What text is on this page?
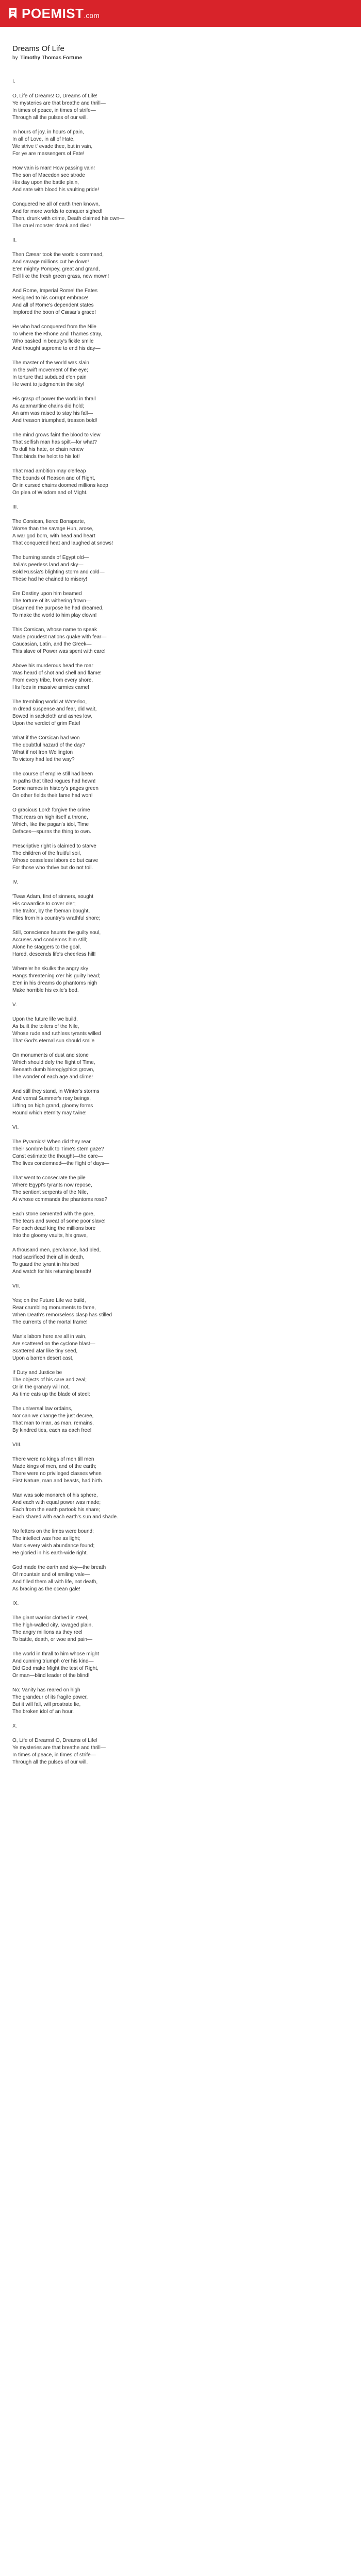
POEMIST.com
Dreams Of Life
by Timothy Thomas Fortune
I.
O, Life of Dreams! O, Dreams of Life!
Ye mysteries are that breathe and thrill—
In times of peace, in times of strife—
Through all the pulses of our will.
In hours of joy, in hours of pain,
In all of Love, in all of Hate,
We strive t' evade thee, but in vain,
For ye are messengers of Fate!
How vain is man! How passing vain!
The son of Macedon see strode
His day upon the battle plain,
And sate with blood his vaulting pride!
Conquered he all of earth then known,
And for more worlds to conquer sighed!
Then, drunk with crime, Death claimed his own—
The cruel monster drank and died!
II.
Then Cæsar took the world's command,
And savage millions cut he down!
E'en mighty Pompey, great and grand,
Fell like the fresh green grass, new mown!
And Rome, Imperial Rome! the Fates
Resigned to his corrupt embrace!
And all of Rome's dependent states
Implored the boon of Cæsar's grace!
He who had conquered from the Nile
To where the Rhone and Thames stray,
Who basked in beauty's fickle smile
And thought supreme to end his day—
The master of the world was slain
In the swift movement of the eye;
In torture that subdued e'en pain
He went to judgment in the sky!
His grasp of power the world in thrall
As adamantine chains did hold;
An arm was raised to stay his fall—
And treason triumphed, treason bold!
The mind grows faint the blood to view
That selfish man has spilt—for what?
To dull his hate, or chain renew
That binds the helot to his lot!
That mad ambition may o'erleap
The bounds of Reason and of Right,
Or in cursed chains doomed millions keep
On plea of Wisdom and of Might.
III.
The Corsican, fierce Bonaparte,
Worse than the savage Hun, arose,
A war god born, with head and heart
That conquered heat and laughed at snows!
The burning sands of Egypt old—
Italia's peerless land and sky—
Bold Russia's blighting storm and cold—
These had he chained to misery!
Ere Destiny upon him beamed
The torture of its withering frown—
Disarmed the purpose he had dreamed,
To make the world to him play clown!
This Corsican, whose name to speak
Made proudest nations quake with fear—
Caucasian, Latin, and the Greek—
This slave of Power was spent with care!
Above his murderous head the roar
Was heard of shot and shell and flame!
From every tribe, from every shore,
His foes in massive armies came!
The trembling world at Waterloo,
In dread suspense and fear, did wait,
Bowed in sackcloth and ashes low,
Upon the verdict of grim Fate!
What if the Corsican had won
The doubtful hazard of the day?
What if not Iron Wellington
To victory had led the way?
The course of empire still had been
In paths that tilted rogues had hewn!
Some names in history's pages green
On other fields their fame had won!
O gracious Lord! forgive the crime
That rears on high itself a throne,
Which, like the pagan's idol, Time
Defaces—spurns the thing to own.
Prescriptive right is claimed to starve
The children of the fruitful soil,
Whose ceaseless labors do but carve
For those who thrive but do not toil.
IV.
'Twas Adam, first of sinners, sought
His cowardice to cover o'er;
The traitor, by the foeman bought,
Flies from his country's wrathful shore;
Still, conscience haunts the guilty soul,
Accuses and condemns him still;
Alone he staggers to the goal,
Hared, descends life's cheerless hill!
Where'er he skulks the angry sky
Hangs threatening o'er his guilty head;
E'en in his dreams do phantoms nigh
Make horrible his exile's bed.
V.
Upon the future life we build,
As built the toilers of the Nile,
Whose rude and ruthless tyrants willed
That God's eternal sun should smile
On monuments of dust and stone
Which should defy the flight of Time,
Beneath dumb hieroglyphics grown,
The wonder of each age and clime!
And still they stand, in Winter's storms
And vernal Summer's rosy beings,
Lifting on high grand, gloomy forms
Round which eternity may twine!
VI.
The Pyramids! When did they rear
Their sombre bulk to Time's stern gaze?
Canst estimate the thought—the care—
The lives condemned—the flight of days—
That went to consecrate the pile
Where Egypt's tyrants now repose,
The sentient serpents of the Nile,
At whose commands the phantoms rose?
Each stone cemented with the gore,
The tears and sweat of some poor slave!
For each dead king the millions bore
Into the gloomy vaults, his grave,
A thousand men, perchance, had bled,
Had sacrificed their all in death,
To guard the tyrant in his bed
And watch for his returning breath!
VII.
Yes; on the Future Life we build,
Rear crumbling monuments to fame,
When Death's remorseless clasp has stilled
The currents of the mortal frame!
Man's labors here are all in vain,
Are scattered on the cyclone blast—
Scattered afar like tiny seed,
Upon a barren desert cast,
If Duty and Justice be
The objects of his care and zeal;
Or in the granary will not,
As time eats up the blade of steel:
The universal law ordains,
Nor can we change the just decree,
That man to man, as man, remains,
By kindred ties, each as each free!
VIII.
There were no kings of men till men
Made kings of men, and of the earth;
There were no privileged classes when
First Nature, man and beasts, had birth.
Man was sole monarch of his sphere,
And each with equal power was made;
Each from the earth partook his share;
Each shared with each earth's sun and shade.
No fetters on the limbs were bound;
The intellect was free as light;
Man's every wish abundance found;
He gloried in his earth-wide right.
God made the earth and sky—the breath
Of mountain and of smiling vale—
And filled them all with life, not death,
As bracing as the ocean gale!
IX.
The giant warrior clothed in steel,
The high-walled city, ravaged plain,
The angry millions as they reel
To battle, death, or woe and pain—
The world in thrall to him whose might
And cunning triumph o'er his kind—
Did God make Might the test of Right,
Or man—blind leader of the blind!
No; Vanity has reared on high
The grandeur of its fragile power,
But it will fall, will prostrate lie,
The broken idol of an hour.
X.
O, Life of Dreams! O, Dreams of Life!
Ye mysteries are that breathe and thrill—
In times of peace, in times of strife—
Through all the pulses of our will.
